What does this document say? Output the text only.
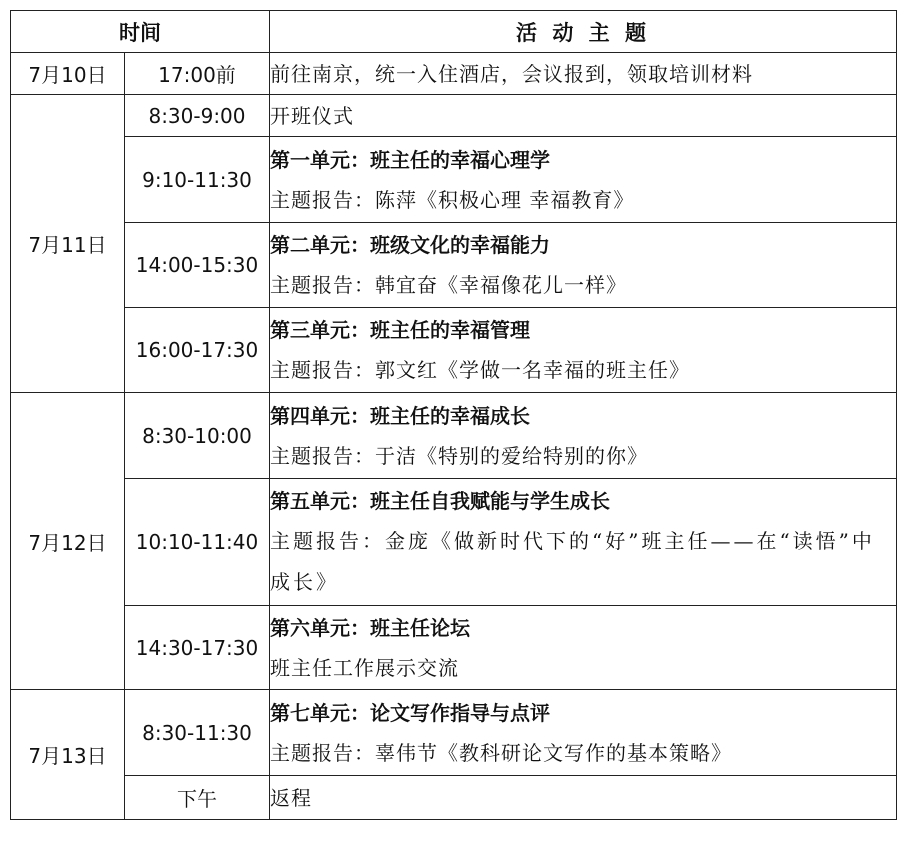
时间		活 动 主 题
7月10日	17:00前	前往南京，统一入住酒店，会议报到，领取培训材料

7月11日	8:30-9:00	开班仪式

	9:10-11:30	第一单元：班主任的幸福心理学
主题报告：陈萍《积极心理 幸福教育》

	14:00-15:30	第二单元：班级文化的幸福能力
主题报告：韩宜奋《幸福像花儿一样》

	16:00-17:30	第三单元：班主任的幸福管理
主题报告：郭文红《学做一名幸福的班主任》

7月12日	8:30-10:00	第四单元：班主任的幸福成长
主题报告：于洁《特别的爱给特别的你》

	10:10-11:40	第五单元：班主任自我赋能与学生成长
主题报告：金庞《做新时代下的“好”班主任——在“读悟”中成长》

	14:30-17:30	第六单元：班主任论坛
班主任工作展示交流

7月13日	8:30-11:30	第七单元：论文写作指导与点评
主题报告：辜伟节《教科研论文写作的基本策略》

	下午	返程
